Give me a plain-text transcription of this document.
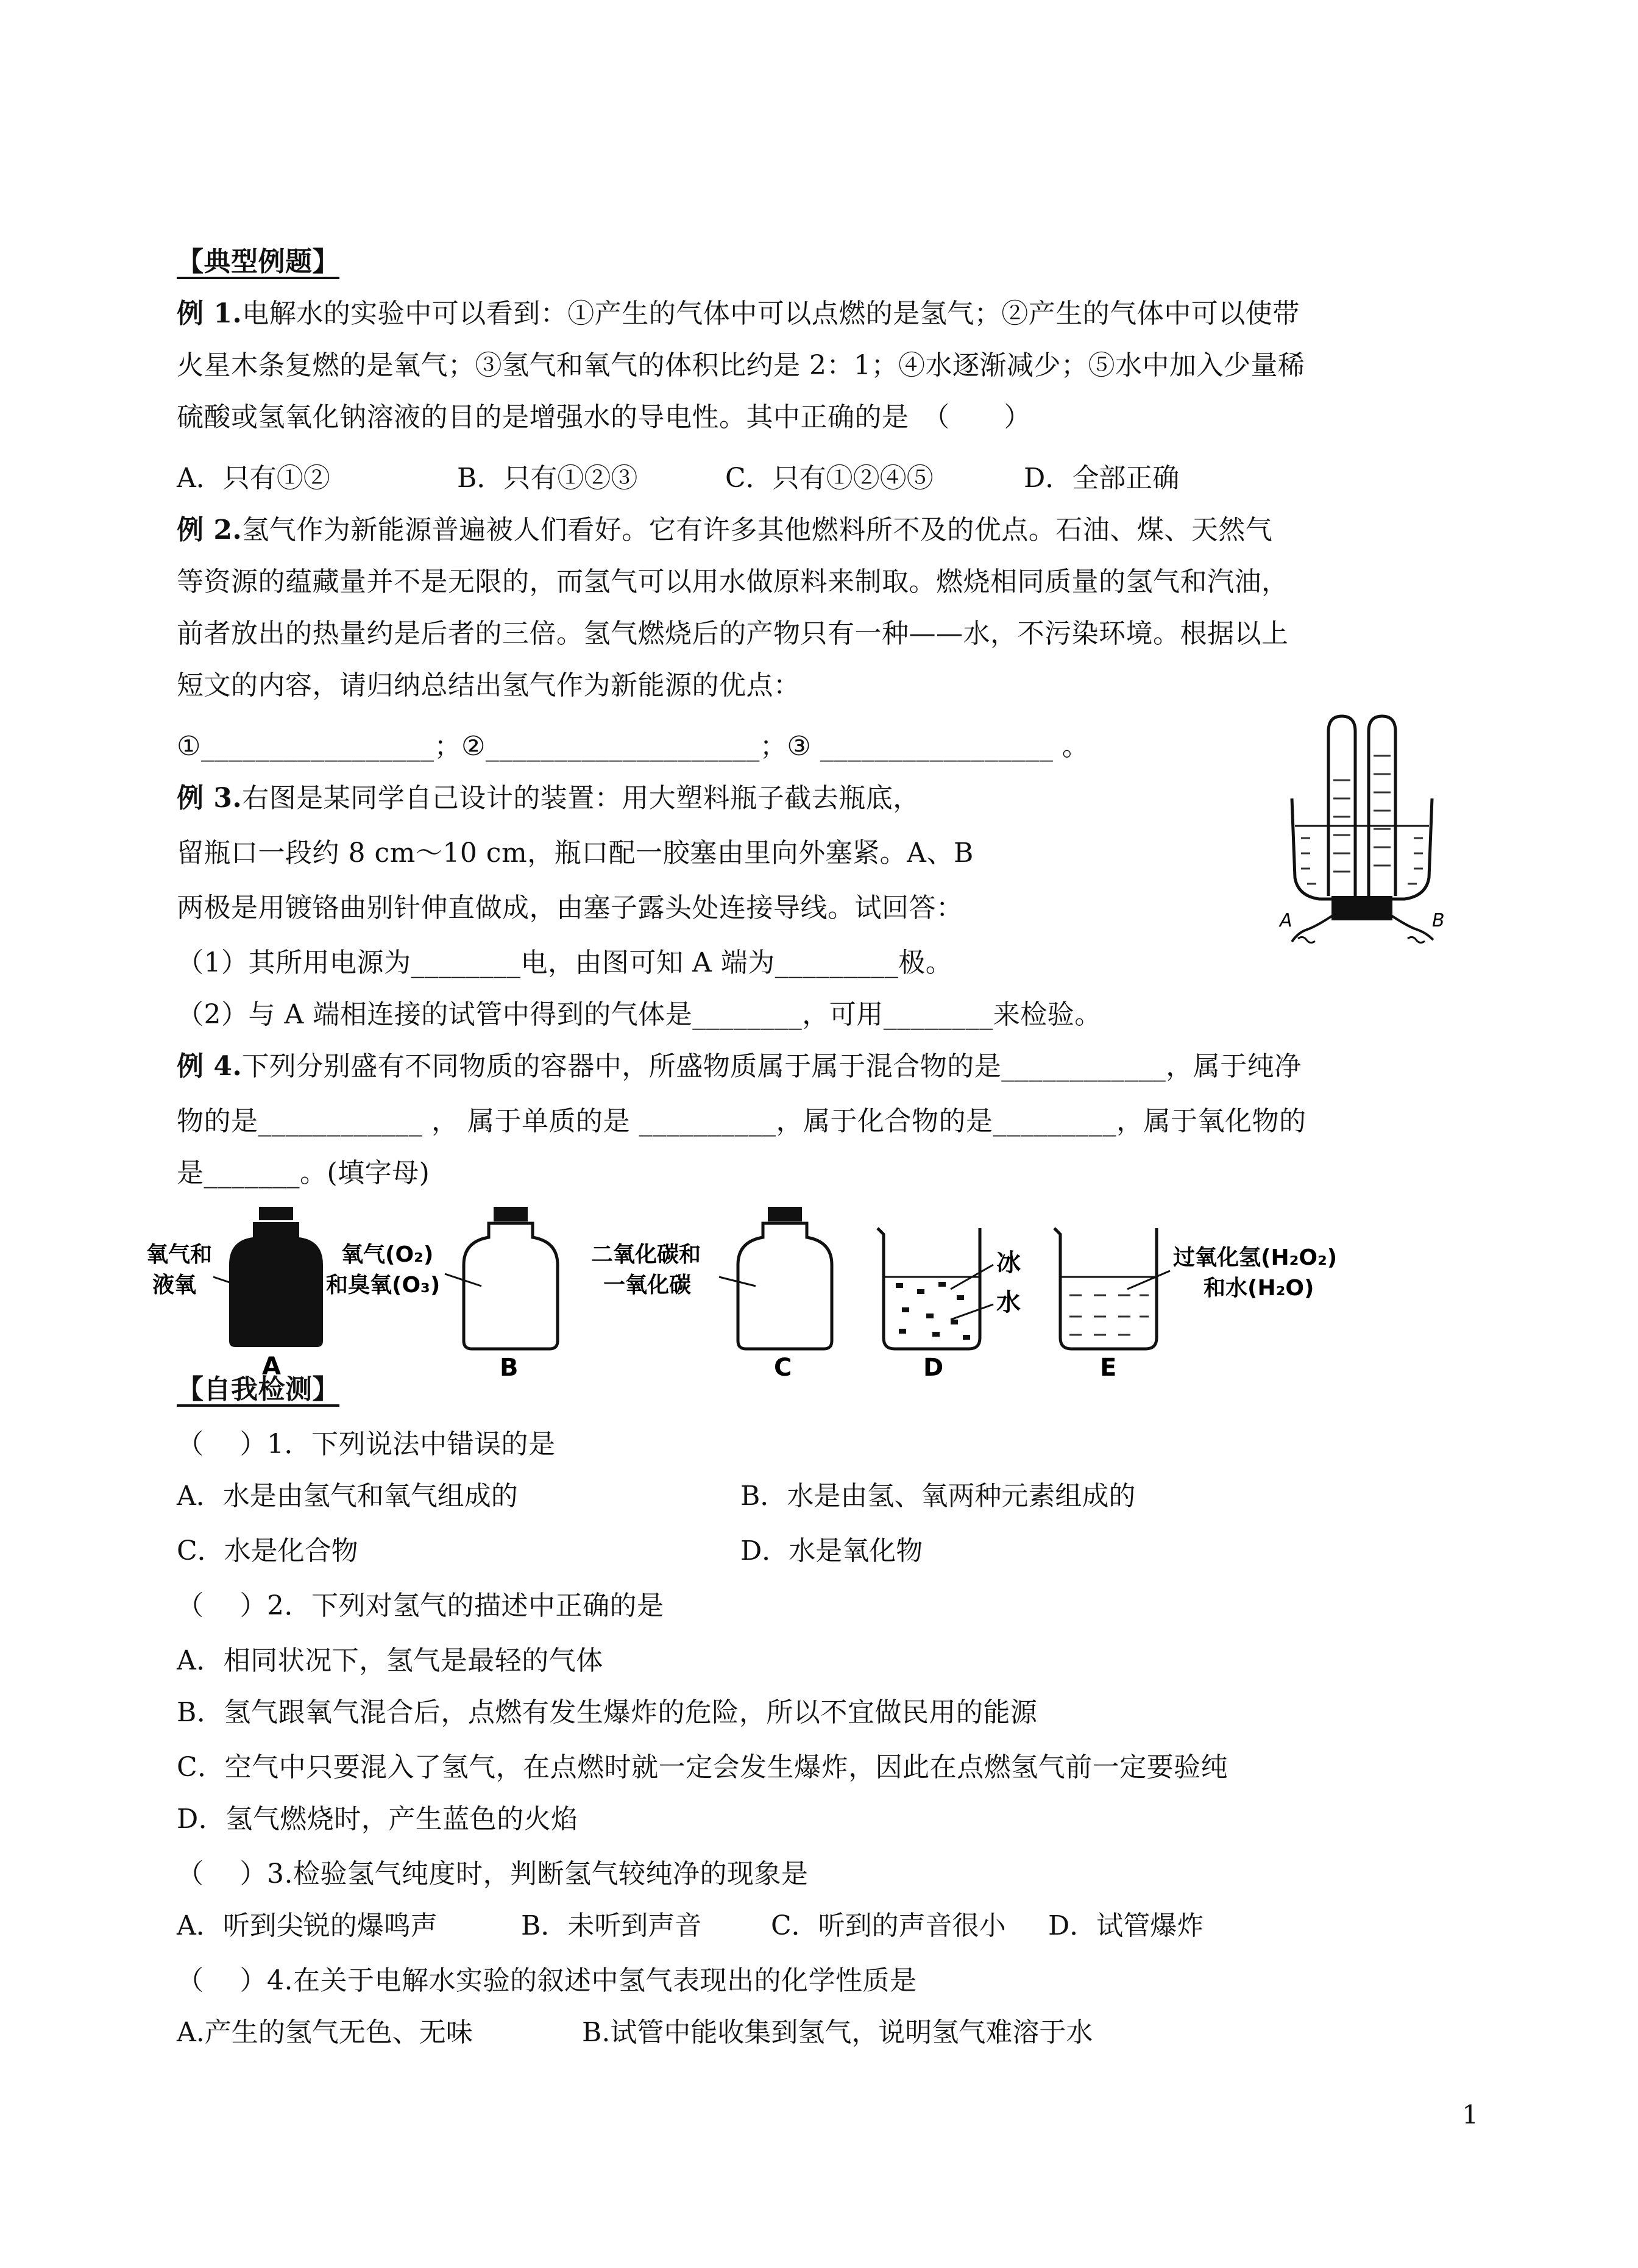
【典型例题】
例 1.电解水的实验中可以看到：①产生的气体中可以点燃的是氢气；②产生的气体中可以使带
火星木条复燃的是氧气；③氢气和氧气的体积比约是 2：1；④水逐渐减少；⑤水中加入少量稀
硫酸或氢氧化钠溶液的目的是增强水的导电性。其中正确的是　（　　）
A．只有①②	B．只有①②③	C．只有①②④⑤	D．全部正确
例 2.氢气作为新能源普遍被人们看好。它有许多其他燃料所不及的优点。石油、煤、天然气
等资源的蕴藏量并不是无限的，而氢气可以用水做原料来制取。燃烧相同质量的氢气和汽油，
前者放出的热量约是后者的三倍。氢气燃烧后的产物只有一种——水，不污染环境。根据以上
短文的内容，请归纳总结出氢气作为新能源的优点：
①_________________；②____________________；③ _________________ 。
例 3.右图是某同学自己设计的装置：用大塑料瓶子截去瓶底，
留瓶口一段约 8 cm～10 cm，瓶口配一胶塞由里向外塞紧。A、B
两极是用镀铬曲别针伸直做成，由塞子露头处连接导线。试回答：
（1）其所用电源为________电，由图可知 A 端为_________极。
（2）与 A 端相连接的试管中得到的气体是________，可用________来检验。
A	B
例 4.下列分别盛有不同物质的容器中，所盛物质属于属于混合物的是____________，属于纯净
物的是____________ ， 属于单质的是 __________，属于化合物的是_________，属于氧化物的
是_______。(填字母)
氧气和
液氧
A
氧气(O₂)
和臭氧(O₃)
B
二氧化碳和
一氧化碳
C
冰
水
D
过氧化氢(H₂O₂)
和水(H₂O)
E
【自我检测】
（　 ）1．下列说法中错误的是
A．水是由氢气和氧气组成的	B．水是由氢、氧两种元素组成的
C．水是化合物	D．水是氧化物
（　 ）2．下列对氢气的描述中正确的是
A．相同状况下，氢气是最轻的气体
B．氢气跟氧气混合后，点燃有发生爆炸的危险，所以不宜做民用的能源
C．空气中只要混入了氢气，在点燃时就一定会发生爆炸，因此在点燃氢气前一定要验纯
D．氢气燃烧时，产生蓝色的火焰
（　 ）3.检验氢气纯度时，判断氢气较纯净的现象是
A．听到尖锐的爆鸣声	B．未听到声音	C．听到的声音很小 D．试管爆炸
（　 ）4.在关于电解水实验的叙述中氢气表现出的化学性质是
A.产生的氢气无色、无味	B.试管中能收集到氢气，说明氢气难溶于水
1
